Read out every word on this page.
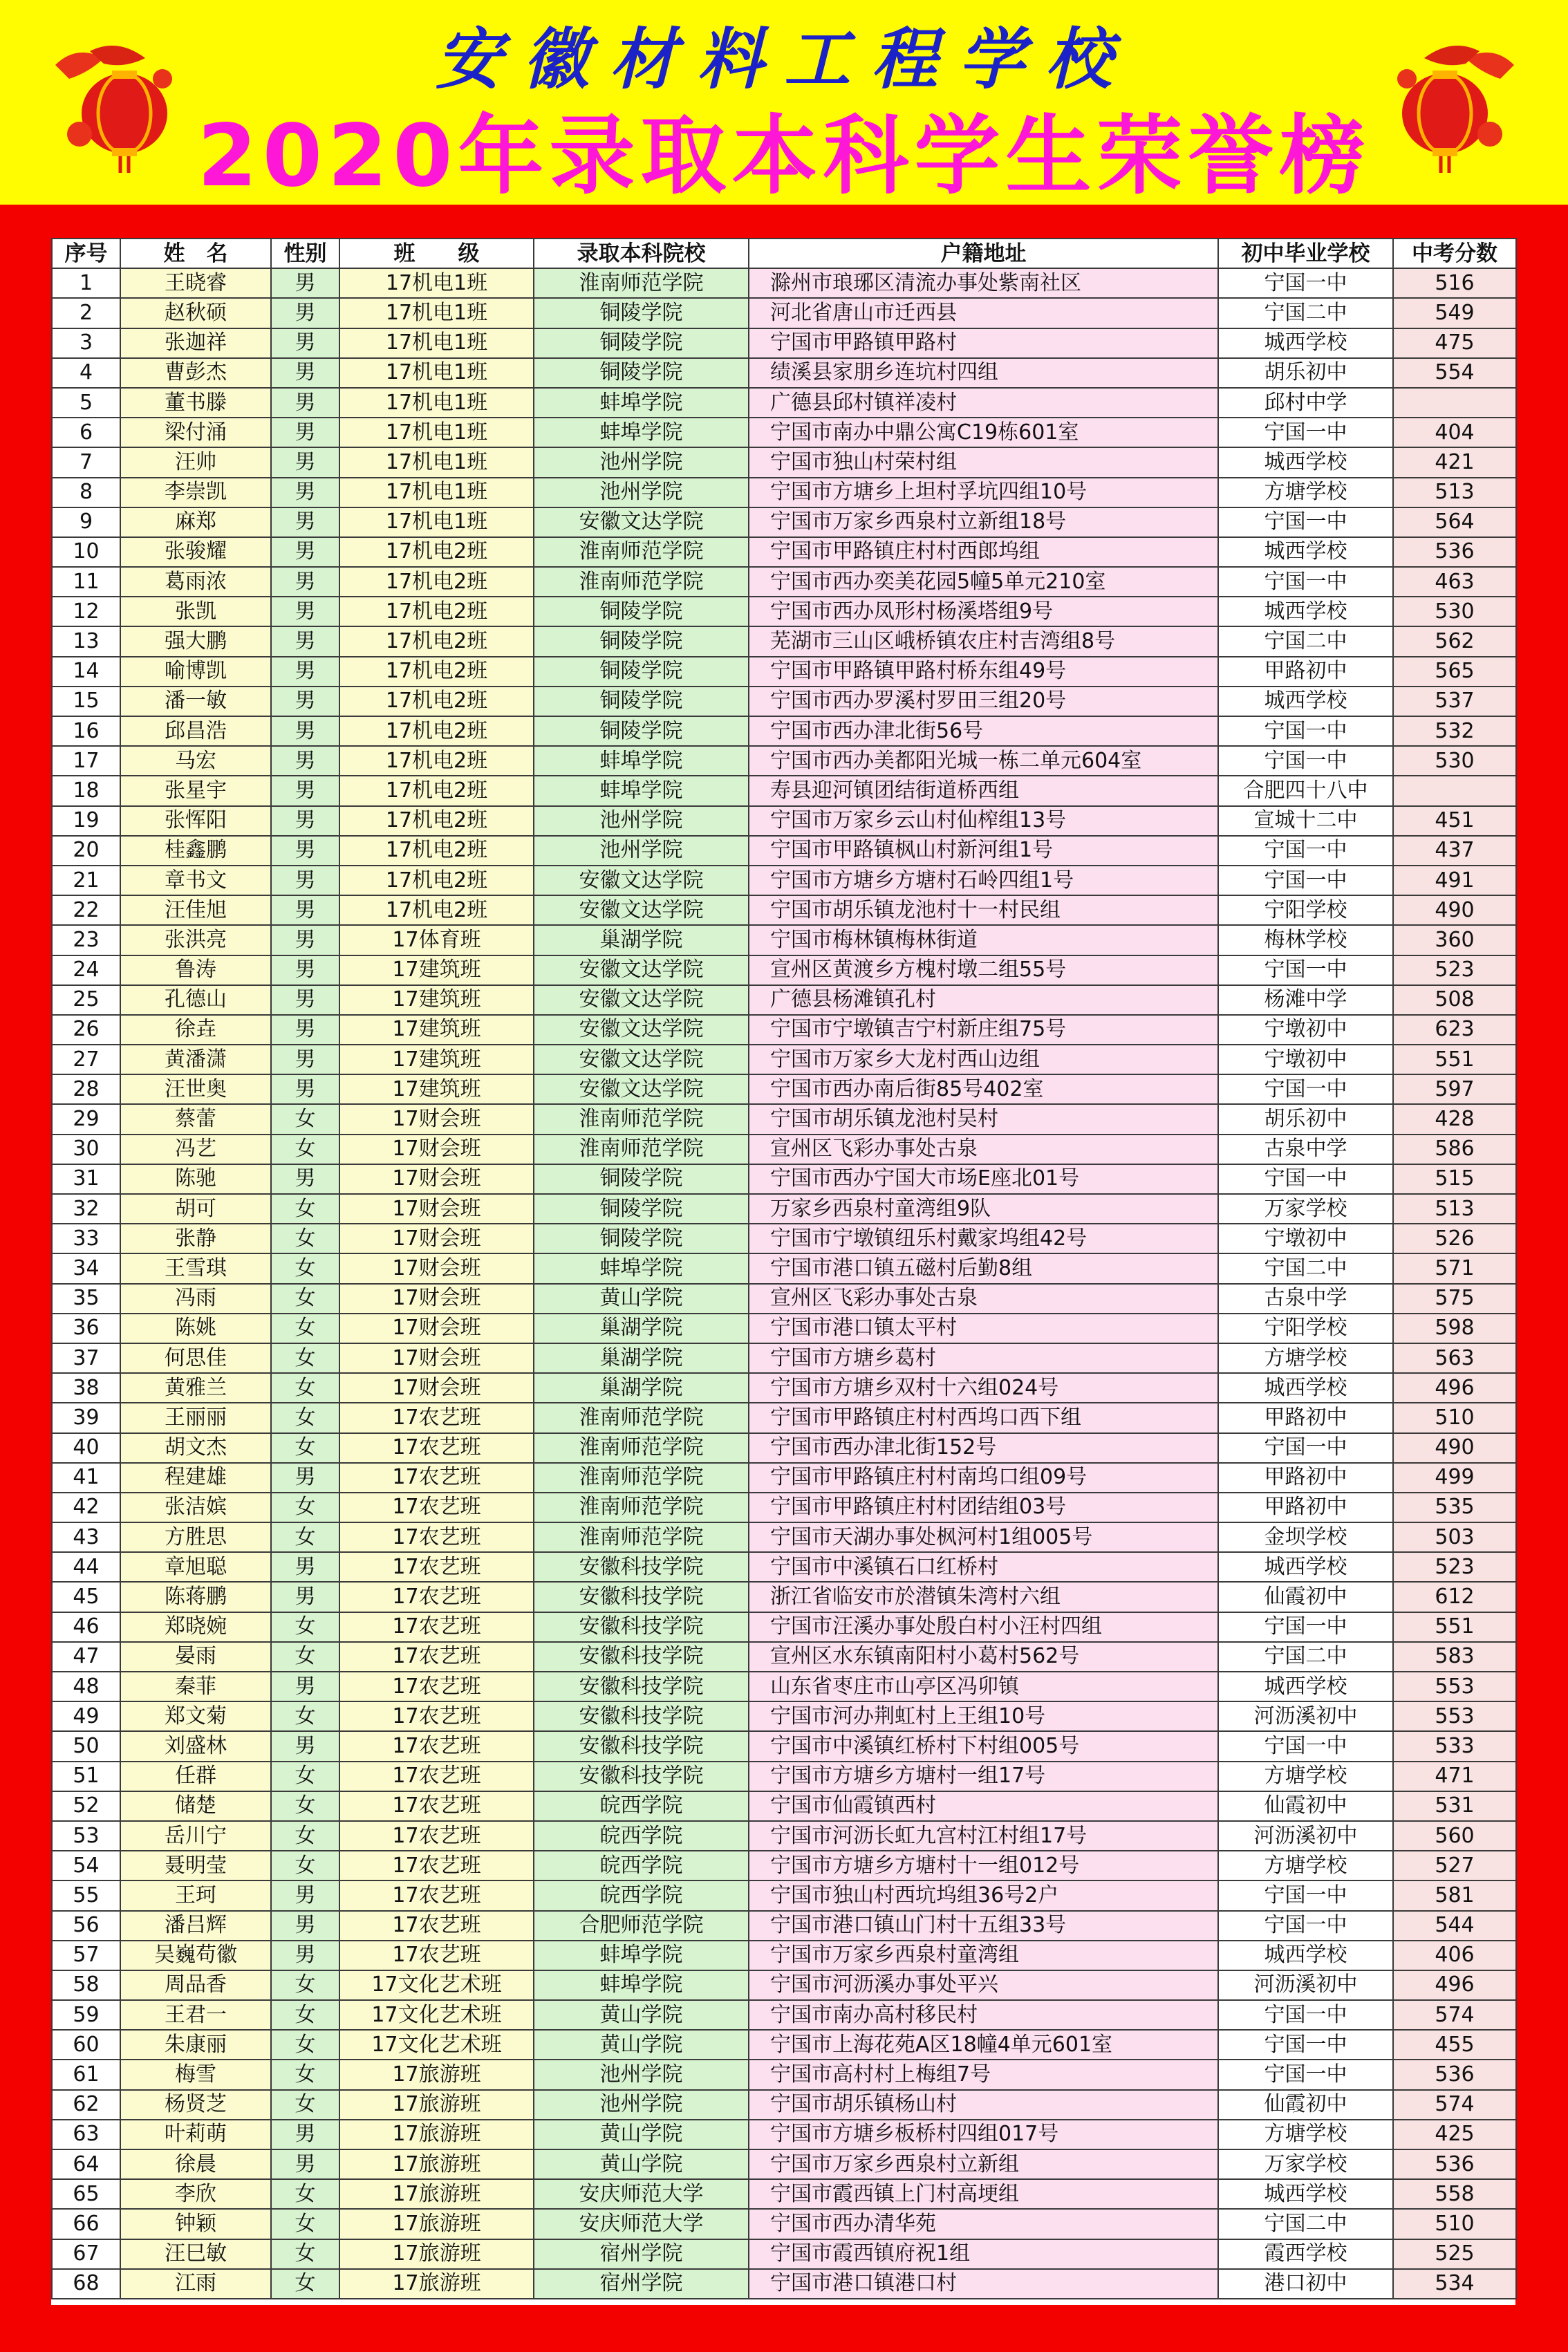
安徽材料工程学校
2020年录取本科学生荣誉榜
序号	姓　名	性别	班　　级	录取本科院校	户籍地址	初中毕业学校	中考分数
1	王晓睿	男	17机电1班	淮南师范学院	滁州市琅琊区清流办事处紫南社区	宁国一中	516
2	赵秋硕	男	17机电1班	铜陵学院	河北省唐山市迁西县	宁国二中	549
3	张迦祥	男	17机电1班	铜陵学院	宁国市甲路镇甲路村	城西学校	475
4	曹彭杰	男	17机电1班	铜陵学院	绩溪县家朋乡连坑村四组	胡乐初中	554
5	董书滕	男	17机电1班	蚌埠学院	广德县邱村镇祥凌村	邱村中学	
6	梁付涌	男	17机电1班	蚌埠学院	宁国市南办中鼎公寓C19栋601室	宁国一中	404
7	汪帅	男	17机电1班	池州学院	宁国市独山村荣村组	城西学校	421
8	李崇凯	男	17机电1班	池州学院	宁国市方塘乡上坦村孚坑四组10号	方塘学校	513
9	麻郑	男	17机电1班	安徽文达学院	宁国市万家乡西泉村立新组18号	宁国一中	564
10	张骏耀	男	17机电2班	淮南师范学院	宁国市甲路镇庄村村西郎坞组	城西学校	536
11	葛雨浓	男	17机电2班	淮南师范学院	宁国市西办奕美花园5幢5单元210室	宁国一中	463
12	张凯	男	17机电2班	铜陵学院	宁国市西办凤形村杨溪塔组9号	城西学校	530
13	强大鹏	男	17机电2班	铜陵学院	芜湖市三山区峨桥镇农庄村吉湾组8号	宁国二中	562
14	喻博凯	男	17机电2班	铜陵学院	宁国市甲路镇甲路村桥东组49号	甲路初中	565
15	潘一敏	男	17机电2班	铜陵学院	宁国市西办罗溪村罗田三组20号	城西学校	537
16	邱昌浩	男	17机电2班	铜陵学院	宁国市西办津北街56号	宁国一中	532
17	马宏	男	17机电2班	蚌埠学院	宁国市西办美都阳光城一栋二单元604室	宁国一中	530
18	张星宇	男	17机电2班	蚌埠学院	寿县迎河镇团结街道桥西组	合肥四十八中	
19	张恽阳	男	17机电2班	池州学院	宁国市万家乡云山村仙榨组13号	宣城十二中	451
20	桂鑫鹏	男	17机电2班	池州学院	宁国市甲路镇枫山村新河组1号	宁国一中	437
21	章书文	男	17机电2班	安徽文达学院	宁国市方塘乡方塘村石岭四组1号	宁国一中	491
22	汪佳旭	男	17机电2班	安徽文达学院	宁国市胡乐镇龙池村十一村民组	宁阳学校	490
23	张洪亮	男	17体育班	巢湖学院	宁国市梅林镇梅林街道	梅林学校	360
24	鲁涛	男	17建筑班	安徽文达学院	宣州区黄渡乡方槐村墩二组55号	宁国一中	523
25	孔德山	男	17建筑班	安徽文达学院	广德县杨滩镇孔村	杨滩中学	508
26	徐垚	男	17建筑班	安徽文达学院	宁国市宁墩镇吉宁村新庄组75号	宁墩初中	623
27	黄潘潇	男	17建筑班	安徽文达学院	宁国市万家乡大龙村西山边组	宁墩初中	551
28	汪世奥	男	17建筑班	安徽文达学院	宁国市西办南后街85号402室	宁国一中	597
29	蔡蕾	女	17财会班	淮南师范学院	宁国市胡乐镇龙池村吴村	胡乐初中	428
30	冯艺	女	17财会班	淮南师范学院	宣州区飞彩办事处古泉	古泉中学	586
31	陈驰	男	17财会班	铜陵学院	宁国市西办宁国大市场E座北01号	宁国一中	515
32	胡可	女	17财会班	铜陵学院	万家乡西泉村童湾组9队	万家学校	513
33	张静	女	17财会班	铜陵学院	宁国市宁墩镇纽乐村戴家坞组42号	宁墩初中	526
34	王雪琪	女	17财会班	蚌埠学院	宁国市港口镇五磁村后勤8组	宁国二中	571
35	冯雨	女	17财会班	黄山学院	宣州区飞彩办事处古泉	古泉中学	575
36	陈姚	女	17财会班	巢湖学院	宁国市港口镇太平村	宁阳学校	598
37	何思佳	女	17财会班	巢湖学院	宁国市方塘乡葛村	方塘学校	563
38	黄雅兰	女	17财会班	巢湖学院	宁国市方塘乡双村十六组024号	城西学校	496
39	王丽丽	女	17农艺班	淮南师范学院	宁国市甲路镇庄村村西坞口西下组	甲路初中	510
40	胡文杰	女	17农艺班	淮南师范学院	宁国市西办津北街152号	宁国一中	490
41	程建雄	男	17农艺班	淮南师范学院	宁国市甲路镇庄村村南坞口组09号	甲路初中	499
42	张洁嫔	女	17农艺班	淮南师范学院	宁国市甲路镇庄村村团结组03号	甲路初中	535
43	方胜思	女	17农艺班	淮南师范学院	宁国市天湖办事处枫河村1组005号	金坝学校	503
44	章旭聪	男	17农艺班	安徽科技学院	宁国市中溪镇石口红桥村	城西学校	523
45	陈蒋鹏	男	17农艺班	安徽科技学院	浙江省临安市於潜镇朱湾村六组	仙霞初中	612
46	郑晓婉	女	17农艺班	安徽科技学院	宁国市汪溪办事处殷白村小汪村四组	宁国一中	551
47	晏雨	女	17农艺班	安徽科技学院	宣州区水东镇南阳村小葛村562号	宁国二中	583
48	秦菲	男	17农艺班	安徽科技学院	山东省枣庄市山亭区冯卯镇	城西学校	553
49	郑文菊	女	17农艺班	安徽科技学院	宁国市河办荆虹村上王组10号	河沥溪初中	553
50	刘盛林	男	17农艺班	安徽科技学院	宁国市中溪镇红桥村下村组005号	宁国一中	533
51	任群	女	17农艺班	安徽科技学院	宁国市方塘乡方塘村一组17号	方塘学校	471
52	储楚	女	17农艺班	皖西学院	宁国市仙霞镇西村	仙霞初中	531
53	岳川宁	女	17农艺班	皖西学院	宁国市河沥长虹九宫村江村组17号	河沥溪初中	560
54	聂明莹	女	17农艺班	皖西学院	宁国市方塘乡方塘村十一组012号	方塘学校	527
55	王珂	男	17农艺班	皖西学院	宁国市独山村西坑坞组36号2户	宁国一中	581
56	潘吕辉	男	17农艺班	合肥师范学院	宁国市港口镇山门村十五组33号	宁国一中	544
57	吴巍苟徽	男	17农艺班	蚌埠学院	宁国市万家乡西泉村童湾组	城西学校	406
58	周品香	女	17文化艺术班	蚌埠学院	宁国市河沥溪办事处平兴	河沥溪初中	496
59	王君一	女	17文化艺术班	黄山学院	宁国市南办高村移民村	宁国一中	574
60	朱康丽	女	17文化艺术班	黄山学院	宁国市上海花苑A区18幢4单元601室	宁国一中	455
61	梅雪	女	17旅游班	池州学院	宁国市高村村上梅组7号	宁国一中	536
62	杨贤芝	女	17旅游班	池州学院	宁国市胡乐镇杨山村	仙霞初中	574
63	叶莉萌	男	17旅游班	黄山学院	宁国市方塘乡板桥村四组017号	方塘学校	425
64	徐晨	男	17旅游班	黄山学院	宁国市万家乡西泉村立新组	万家学校	536
65	李欣	女	17旅游班	安庆师范大学	宁国市霞西镇上门村高埂组	城西学校	558
66	钟颖	女	17旅游班	安庆师范大学	宁国市西办清华苑	宁国二中	510
67	汪巳敏	女	17旅游班	宿州学院	宁国市霞西镇府祝1组	霞西学校	525
68	江雨	女	17旅游班	宿州学院	宁国市港口镇港口村	港口初中	534
